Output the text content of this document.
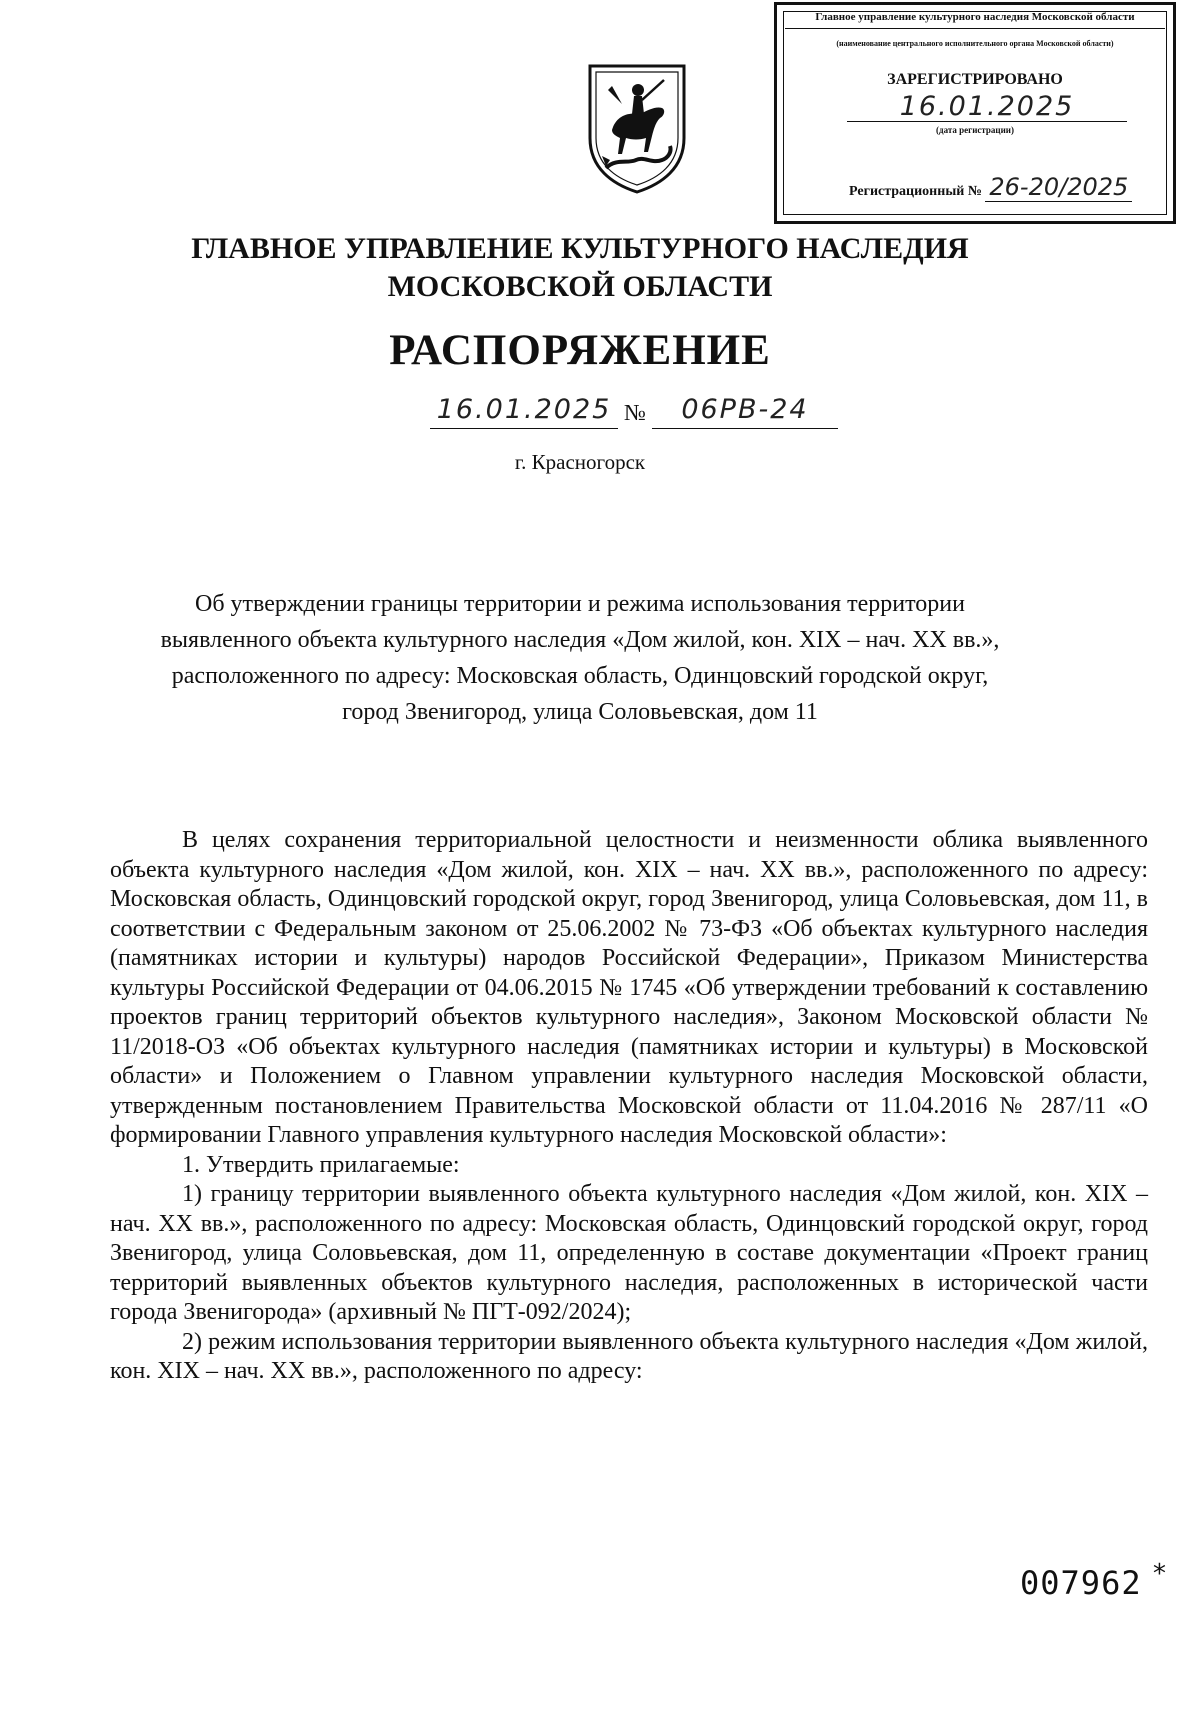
Главное управление культурного наследия Московской области
(наименование центрального исполнительного органа Московской области)
ЗАРЕГИСТРИРОВАНО
16.01.2025
(дата регистрации)
Регистрационный № 26-20/2025
ГЛАВНОЕ УПРАВЛЕНИЕ КУЛЬТУРНОГО НАСЛЕДИЯ
МОСКОВСКОЙ ОБЛАСТИ
РАСПОРЯЖЕНИЕ
16.01.2025 № 06РВ-24
г. Красногорск
Об утверждении границы территории и режима использования территории
выявленного объекта культурного наследия «Дом жилой, кон. XIX – нач. XX вв.»,
расположенного по адресу: Московская область, Одинцовский городской округ,
город Звенигород, улица Соловьевская, дом 11

В целях сохранения территориальной целостности и неизменности облика выявленного объекта культурного наследия «Дом жилой, кон. XIX – нач. XX вв.», расположенного по адресу: Московская область, Одинцовский городской округ, город Звенигород, улица Соловьевская, дом 11, в соответствии с Федеральным законом от 25.06.2002 № 73-ФЗ «Об объектах культурного наследия (памятниках истории и культуры) народов Российской Федерации», Приказом Министерства культуры Российской Федерации от 04.06.2015 № 1745 «Об утверждении требований к составлению проектов границ территорий объектов культурного наследия», Законом Московской области № 11/2018-ОЗ «Об объектах культурного наследия (памятниках истории и культуры) в Московской области» и Положением о Главном управлении культурного наследия Московской области, утвержденным постановлением Правительства Московской области от 11.04.2016 № 287/11 «О формировании Главного управления культурного наследия Московской области»:

1. Утвердить прилагаемые:

1) границу территории выявленного объекта культурного наследия «Дом жилой, кон. XIX – нач. XX вв.», расположенного по адресу: Московская область, Одинцовский городской округ, город Звенигород, улица Соловьевская, дом 11, определенную в составе документации «Проект границ территорий выявленных объектов культурного наследия, расположенных в исторической части города Звенигорода» (архивный № ПГТ-092/2024);

2) режим использования территории выявленного объекта культурного наследия «Дом жилой, кон. XIX – нач. XX вв.», расположенного по адресу:

007962 *
